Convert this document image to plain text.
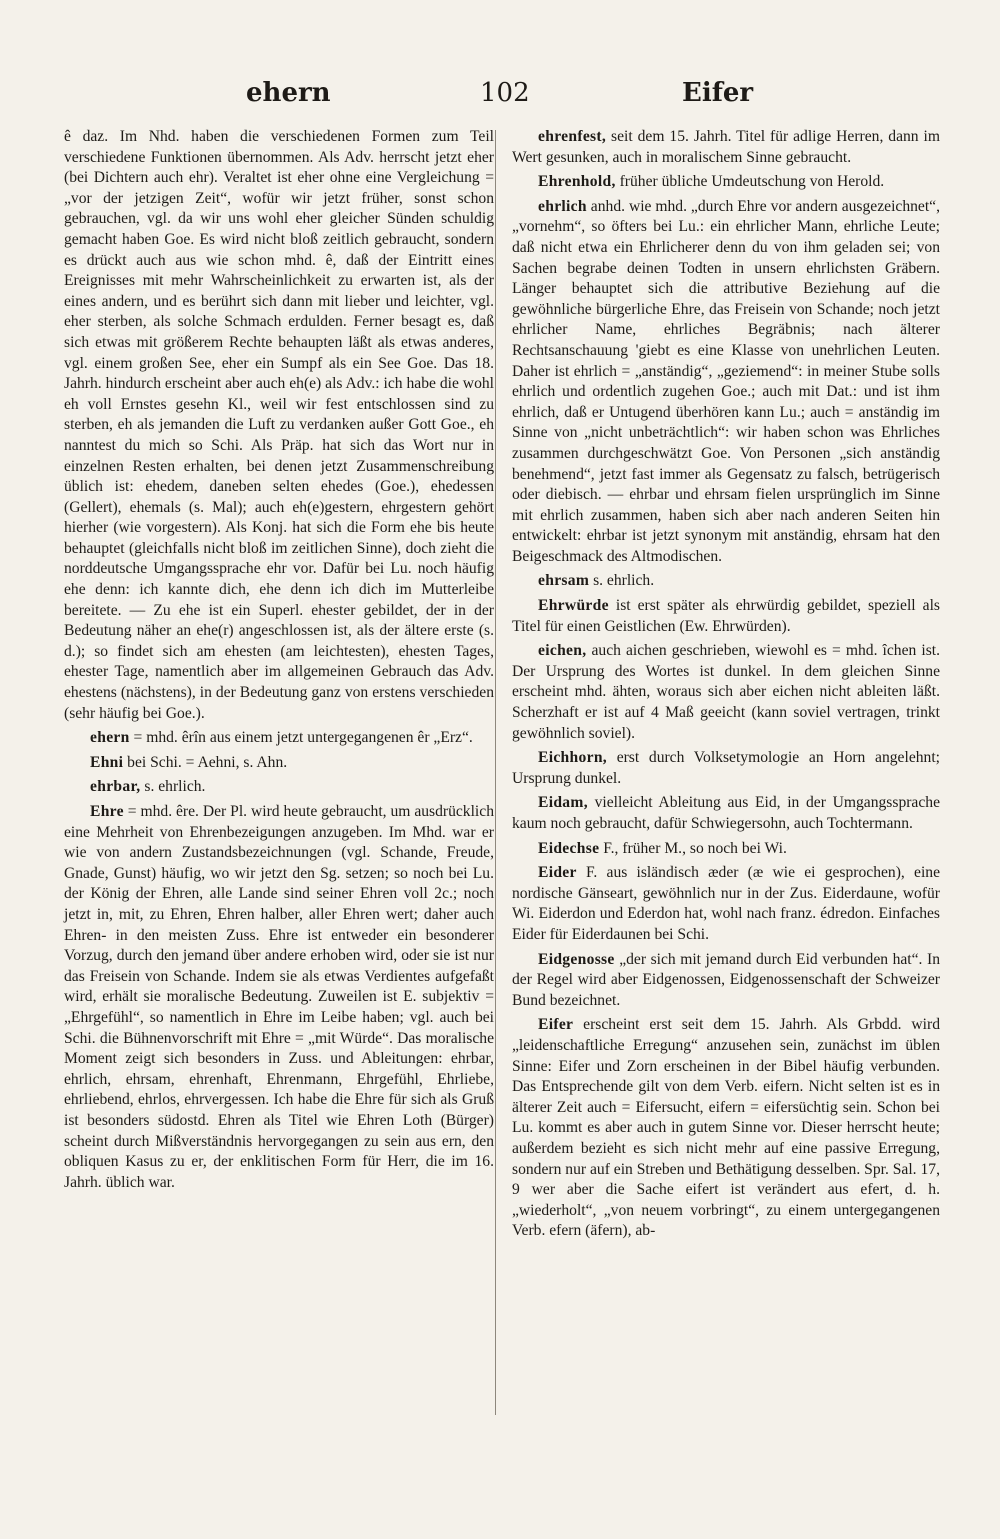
ehern	102	Eifer

ê daz. Im Nhd. haben die verschiedenen Formen zum Teil verschiedene Funktionen übernommen. Als Adv. herrscht jetzt eher (bei Dichtern auch ehr). Veraltet ist eher ohne eine Vergleichung = „vor der jetzigen Zeit“, wofür wir jetzt früher, sonst schon gebrauchen, vgl. da wir uns wohl eher gleicher Sünden schuldig gemacht haben Goe. Es wird nicht bloß zeitlich gebraucht, sondern es drückt auch aus wie schon mhd. ê, daß der Eintritt eines Ereignisses mit mehr Wahrscheinlichkeit zu erwarten ist, als der eines andern, und es berührt sich dann mit lieber und leichter, vgl. eher sterben, als solche Schmach erdulden. Ferner besagt es, daß sich etwas mit größerem Rechte behaupten läßt als etwas anderes, vgl. einem großen See, eher ein Sumpf als ein See Goe. Das 18. Jahrh. hindurch erscheint aber auch eh(e) als Adv.: ich habe die wohl eh voll Ernstes gesehn Kl., weil wir fest entschlossen sind zu sterben, eh als jemanden die Luft zu verdanken außer Gott Goe., eh nanntest du mich so Schi. Als Präp. hat sich das Wort nur in einzelnen Resten erhalten, bei denen jetzt Zusammenschreibung üblich ist: ehedem, daneben selten ehedes (Goe.), ehedessen (Gellert), ehemals (s. Mal); auch eh(e)gestern, ehrgestern gehört hierher (wie vorgestern). Als Konj. hat sich die Form ehe bis heute behauptet (gleichfalls nicht bloß im zeitlichen Sinne), doch zieht die norddeutsche Umgangssprache ehr vor. Dafür bei Lu. noch häufig ehe denn: ich kannte dich, ehe denn ich dich im Mutterleibe bereitete. — Zu ehe ist ein Superl. ehester gebildet, der in der Bedeutung näher an ehe(r) angeschlossen ist, als der ältere erste (s. d.); so findet sich am ehesten (am leichtesten), ehesten Tages, ehester Tage, namentlich aber im allgemeinen Gebrauch das Adv. ehestens (nächstens), in der Bedeutung ganz von erstens verschieden (sehr häufig bei Goe.).

ehern = mhd. êrîn aus einem jetzt untergegangenen êr „Erz“.

Ehni bei Schi. = Aehni, s. Ahn.

ehrbar, s. ehrlich.

Ehre = mhd. êre. Der Pl. wird heute gebraucht, um ausdrücklich eine Mehrheit von Ehrenbezeigungen anzugeben. Im Mhd. war er wie von andern Zustandsbezeichnungen (vgl. Schande, Freude, Gnade, Gunst) häufig, wo wir jetzt den Sg. setzen; so noch bei Lu. der König der Ehren, alle Lande sind seiner Ehren voll 2c.; noch jetzt in, mit, zu Ehren, Ehren halber, aller Ehren wert; daher auch Ehren- in den meisten Zuss. Ehre ist entweder ein besonderer Vorzug, durch den jemand über andere erhoben wird, oder sie ist nur das Freisein von Schande. Indem sie als etwas Verdientes aufgefaßt wird, erhält sie moralische Bedeutung. Zuweilen ist E. subjektiv = „Ehrgefühl“, so namentlich in Ehre im Leibe haben; vgl. auch bei Schi. die Bühnenvorschrift mit Ehre = „mit Würde“. Das moralische Moment zeigt sich besonders in Zuss. und Ableitungen: ehrbar, ehrlich, ehrsam, ehrenhaft, Ehrenmann, Ehrgefühl, Ehrliebe, ehrliebend, ehrlos, ehrvergessen. Ich habe die Ehre für sich als Gruß ist besonders südostd. Ehren als Titel wie Ehren Loth (Bürger) scheint durch Mißverständnis hervorgegangen zu sein aus ern, den obliquen Kasus zu er, der enklitischen Form für Herr, die im 16. Jahrh. üblich war.

ehrenfest, seit dem 15. Jahrh. Titel für adlige Herren, dann im Wert gesunken, auch in moralischem Sinne gebraucht.

Ehrenhold, früher übliche Umdeutschung von Herold.

ehrlich anhd. wie mhd. „durch Ehre vor andern ausgezeichnet“, „vornehm“, so öfters bei Lu.: ein ehrlicher Mann, ehrliche Leute; daß nicht etwa ein Ehrlicherer denn du von ihm geladen sei; von Sachen begrabe deinen Todten in unsern ehrlichsten Gräbern. Länger behauptet sich die attributive Beziehung auf die gewöhnliche bürgerliche Ehre, das Freisein von Schande; noch jetzt ehrlicher Name, ehrliches Begräbnis; nach älterer Rechtsanschauung 'giebt es eine Klasse von unehrlichen Leuten. Daher ist ehrlich = „anständig“, „geziemend“: in meiner Stube solls ehrlich und ordentlich zugehen Goe.; auch mit Dat.: und ist ihm ehrlich, daß er Untugend überhören kann Lu.; auch = anständig im Sinne von „nicht unbeträchtlich“: wir haben schon was Ehrliches zusammen durchgeschwätzt Goe. Von Personen „sich anständig benehmend“, jetzt fast immer als Gegensatz zu falsch, betrügerisch oder diebisch. — ehrbar und ehrsam fielen ursprünglich im Sinne mit ehrlich zusammen, haben sich aber nach anderen Seiten hin entwickelt: ehrbar ist jetzt synonym mit anständig, ehrsam hat den Beigeschmack des Altmodischen.

ehrsam s. ehrlich.

Ehrwürde ist erst später als ehrwürdig gebildet, speziell als Titel für einen Geistlichen (Ew. Ehrwürden).

eichen, auch aichen geschrieben, wiewohl es = mhd. îchen ist. Der Ursprung des Wortes ist dunkel. In dem gleichen Sinne erscheint mhd. ähten, woraus sich aber eichen nicht ableiten läßt. Scherzhaft er ist auf 4 Maß geeicht (kann soviel vertragen, trinkt gewöhnlich soviel).

Eichhorn, erst durch Volksetymologie an Horn angelehnt; Ursprung dunkel.

Eidam, vielleicht Ableitung aus Eid, in der Umgangssprache kaum noch gebraucht, dafür Schwiegersohn, auch Tochtermann.

Eidechse F., früher M., so noch bei Wi.

Eider F. aus isländisch æder (æ wie ei gesprochen), eine nordische Gänseart, gewöhnlich nur in der Zus. Eiderdaune, wofür Wi. Eiderdon und Ederdon hat, wohl nach franz. édredon. Einfaches Eider für Eiderdaunen bei Schi.

Eidgenosse „der sich mit jemand durch Eid verbunden hat“. In der Regel wird aber Eidgenossen, Eidgenossenschaft der Schweizer Bund bezeichnet.

Eifer erscheint erst seit dem 15. Jahrh. Als Grbdd. wird „leidenschaftliche Erregung“ anzusehen sein, zunächst im üblen Sinne: Eifer und Zorn erscheinen in der Bibel häufig verbunden. Das Entsprechende gilt von dem Verb. eifern. Nicht selten ist es in älterer Zeit auch = Eifersucht, eifern = eifersüchtig sein. Schon bei Lu. kommt es aber auch in gutem Sinne vor. Dieser herrscht heute; außerdem bezieht es sich nicht mehr auf eine passive Erregung, sondern nur auf ein Streben und Bethätigung desselben. Spr. Sal. 17, 9 wer aber die Sache eifert ist verändert aus efert, d. h. „wiederholt“, „von neuem vorbringt“, zu einem untergegangenen Verb. efern (äfern), ab-
